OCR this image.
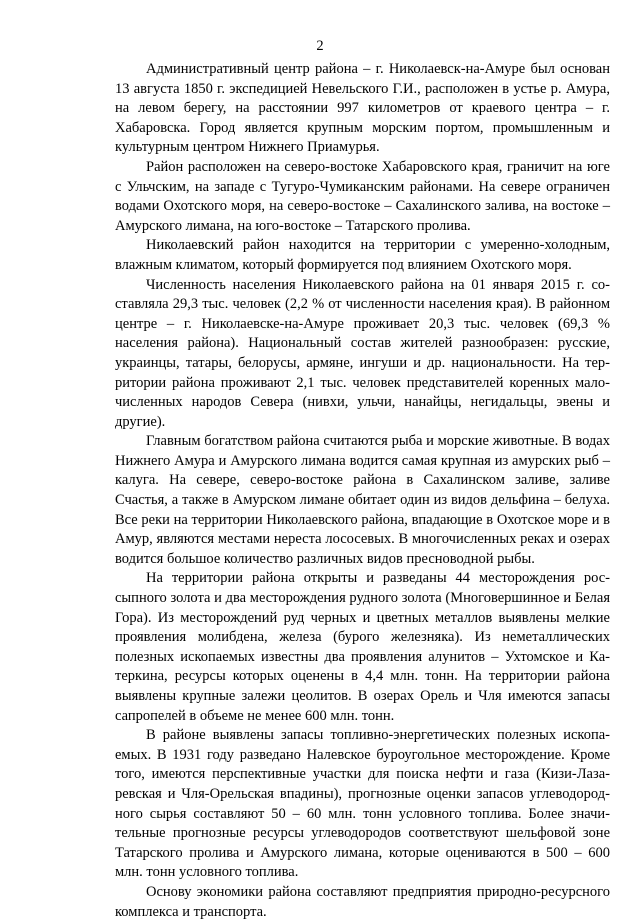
2

Административный центр района – г. Николаевск-на-Амуре был основан 13 августа 1850 г. экспедицией Невельского Г.И., расположен в устье р. Амура, на левом берегу, на расстоянии 997 километров от краевого центра – г. Хабаровска. Город является крупным морским портом, промышленным и культурным центром Нижнего Приамурья.

Район расположен на северо-востоке Хабаровского края, граничит на юге с Ульчским, на западе с Тугуро-Чумиканским районами. На севере ограничен водами Охотского моря, на северо-востоке – Сахалинского залива, на востоке – Амурского лимана, на юго-востоке – Татарского пролива.

Николаевский район находится на территории с умеренно-холодным, влажным климатом, который формируется под влиянием Охотского моря.

Численность населения Николаевского района на 01 января 2015 г. составляла 29,3 тыс. человек (2,2 % от численности населения края). В районном центре – г. Николаевске-на-Амуре проживает 20,3 тыс. человек (69,3 % населения района). Национальный состав жителей разнообразен: русские, украинцы, татары, белорусы, армяне, ингуши и др. национальности. На территории района проживают 2,1 тыс. человек представителей коренных малочисленных народов Севера (нивхи, ульчи, нанайцы, негидальцы, эвены и другие).

Главным богатством района считаются рыба и морские животные. В водах Нижнего Амура и Амурского лимана водится самая крупная из амурских рыб – калуга. На севере, северо-востоке района в Сахалинском заливе, заливе Счастья, а также в Амурском лимане обитает один из видов дельфина – белуха. Все реки на территории Николаевского района, впадающие в Охотское море и в Амур, являются местами нереста лососевых. В многочисленных реках и озерах водится большое количество различных видов пресноводной рыбы.

На территории района открыты и разведаны 44 месторождения россыпного золота и два месторождения рудного золота (Многовершинное и Белая Гора). Из месторождений руд черных и цветных металлов выявлены мелкие проявления молибдена, железа (бурого железняка). Из неметаллических полезных ископаемых известны два проявления алунитов – Ухтомское и Катеркина, ресурсы которых оценены в 4,4 млн. тонн. На территории района выявлены крупные залежи цеолитов. В озерах Орель и Чля имеются запасы сапропелей в объеме не менее 600 млн. тонн.

В районе выявлены запасы топливно-энергетических полезных ископаемых. В 1931 году разведано Налевское буроугольное месторождение. Кроме того, имеются перспективные участки для поиска нефти и газа (Кизи-Лазаревская и Чля-Орельская впадины), прогнозные оценки запасов углеводородного сырья составляют 50 – 60 млн. тонн условного топлива. Более значительные прогнозные ресурсы углеводородов соответствуют шельфовой зоне Татарского пролива и Амурского лимана, которые оцениваются в 500 – 600 млн. тонн условного топлива.

Основу экономики района составляют предприятия природно-ресурсного комплекса и транспорта.
